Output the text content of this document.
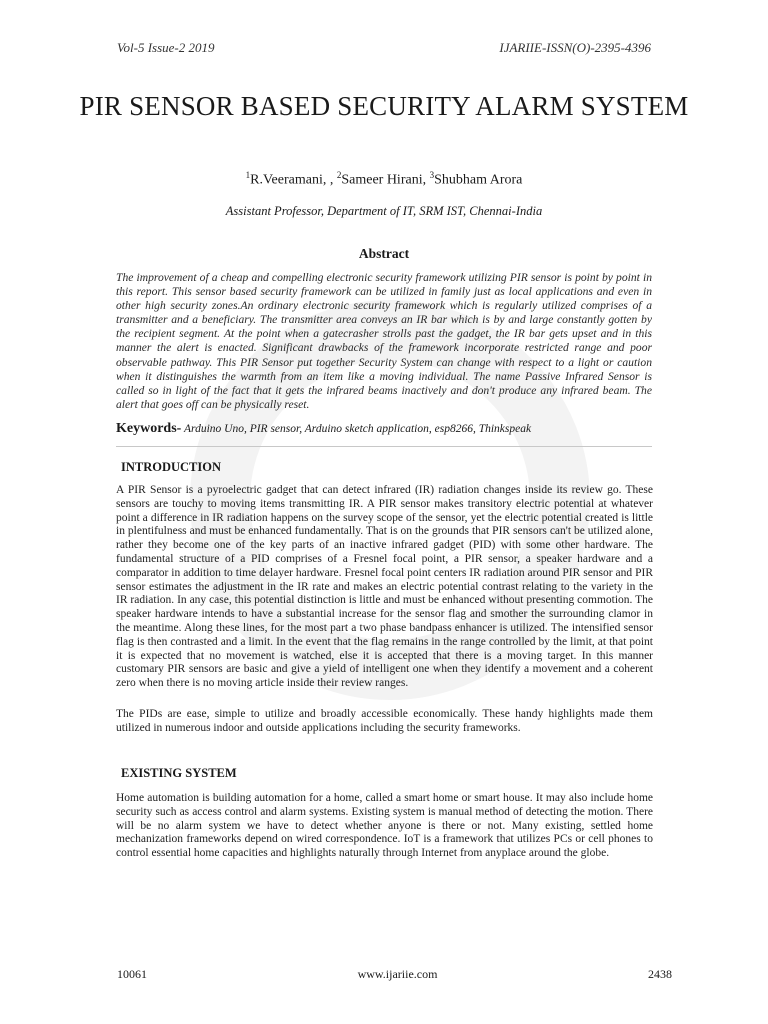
Vol-5 Issue-2 2019	IJARIIE-ISSN(O)-2395-4396
PIR SENSOR BASED SECURITY ALARM SYSTEM
$^1$R.Veeramani, , $^2$Sameer Hirani, $^3$Shubham Arora
Assistant Professor, Department of IT, SRM IST, Chennai-India
Abstract
The improvement of a cheap and compelling electronic security framework utilizing PIR sensor is point by point in this report. This sensor based security framework can be utilized in family just as local applications and even in other high security zones.An ordinary electronic security framework which is regularly utilized comprises of a transmitter and a beneficiary. The transmitter area conveys an IR bar which is by and large constantly gotten by the recipient segment. At the point when a gatecrasher strolls past the gadget, the IR bar gets upset and in this manner the alert is enacted. Significant drawbacks of the framework incorporate restricted range and poor observable pathway. This PIR Sensor put together Security System can change with respect to a light or caution when it distinguishes the warmth from an item like a moving individual. The name Passive Infrared Sensor is called so in light of the fact that it gets the infrared beams inactively and don't produce any infrared beam. The alert that goes off can be physically reset.
Keywords- Arduino Uno, PIR sensor, Arduino sketch application, esp8266, Thinkspeak
INTRODUCTION

A PIR Sensor is a pyroelectric gadget that can detect infrared (IR) radiation changes inside its review go. These sensors are touchy to moving items transmitting IR. A PIR sensor makes transitory electric potential at whatever point a difference in IR radiation happens on the survey scope of the sensor, yet the electric potential created is little in plentifulness and must be enhanced fundamentally. That is on the grounds that PIR sensors can't be utilized alone, rather they become one of the key parts of an inactive infrared gadget (PID) with some other hardware. The fundamental structure of a PID comprises of a Fresnel focal point, a PIR sensor, a speaker hardware and a comparator in addition to time delayer hardware. Fresnel focal point centers IR radiation around PIR sensor and PIR sensor estimates the adjustment in the IR rate and makes an electric potential contrast relating to the variety in the IR radiation. In any case, this potential distinction is little and must be enhanced without presenting commotion. The speaker hardware intends to have a substantial increase for the sensor flag and smother the surrounding clamor in the meantime. Along these lines, for the most part a two phase bandpass enhancer is utilized. The intensified sensor flag is then contrasted and a limit. In the event that the flag remains in the range controlled by the limit, at that point it is expected that no movement is watched, else it is accepted that there is a moving target. In this manner customary PIR sensors are basic and give a yield of intelligent one when they identify a movement and a coherent zero when there is no moving article inside their review ranges.

The PIDs are ease, simple to utilize and broadly accessible economically. These handy highlights made them utilized in numerous indoor and outside applications including the security frameworks.

EXISTING SYSTEM

Home automation is building automation for a home, called a smart home or smart house. It may also include home security such as access control and alarm systems. Existing system is manual method of detecting the motion. There will be no alarm system we have to detect whether anyone is there or not. Many existing, settled home mechanization frameworks depend on wired correspondence. IoT is a framework that utilizes PCs or cell phones to control essential home capacities and highlights naturally through Internet from anyplace around the globe.

10061	www.ijariie.com	2438
